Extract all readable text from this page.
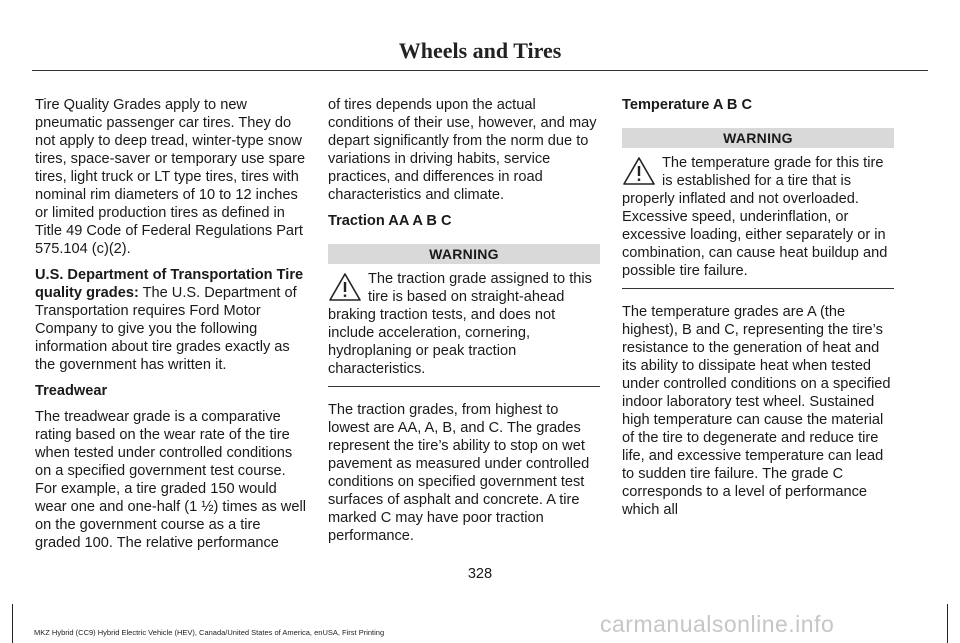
Wheels and Tires

Tire Quality Grades apply to new pneumatic passenger car tires. They do not apply to deep tread, winter-type snow tires, space-saver or temporary use spare tires, light truck or LT type tires, tires with nominal rim diameters of 10 to 12 inches or limited production tires as defined in Title 49 Code of Federal Regulations Part 575.104 (c)(2).

U.S. Department of Transportation Tire quality grades: The U.S. Department of Transportation requires Ford Motor Company to give you the following information about tire grades exactly as the government has written it.

Treadwear

The treadwear grade is a comparative rating based on the wear rate of the tire when tested under controlled conditions on a specified government test course. For example, a tire graded 150 would wear one and one-half (1 ½) times as well on the government course as a tire graded 100. The relative performance

of tires depends upon the actual conditions of their use, however, and may depart significantly from the norm due to variations in driving habits, service practices, and differences in road characteristics and climate.

Traction AA A B C
WARNING

The traction grade assigned to this tire is based on straight-ahead braking traction tests, and does not include acceleration, cornering, hydroplaning or peak traction characteristics.

The traction grades, from highest to lowest are AA, A, B, and C. The grades represent the tire’s ability to stop on wet pavement as measured under controlled conditions on specified government test surfaces of asphalt and concrete. A tire marked C may have poor traction performance.

Temperature A B C
WARNING

The temperature grade for this tire is established for a tire that is properly inflated and not overloaded. Excessive speed, underinflation, or excessive loading, either separately or in combination, can cause heat buildup and possible tire failure.

The temperature grades are A (the highest), B and C, representing the tire’s resistance to the generation of heat and its ability to dissipate heat when tested under controlled conditions on a specified indoor laboratory test wheel. Sustained high temperature can cause the material of the tire to degenerate and reduce tire life, and excessive temperature can lead to sudden tire failure. The grade C corresponds to a level of performance which all

328
MKZ Hybrid (CC9) Hybrid Electric Vehicle (HEV), Canada/United States of America, enUSA, First Printing	carmanualsonline.info
